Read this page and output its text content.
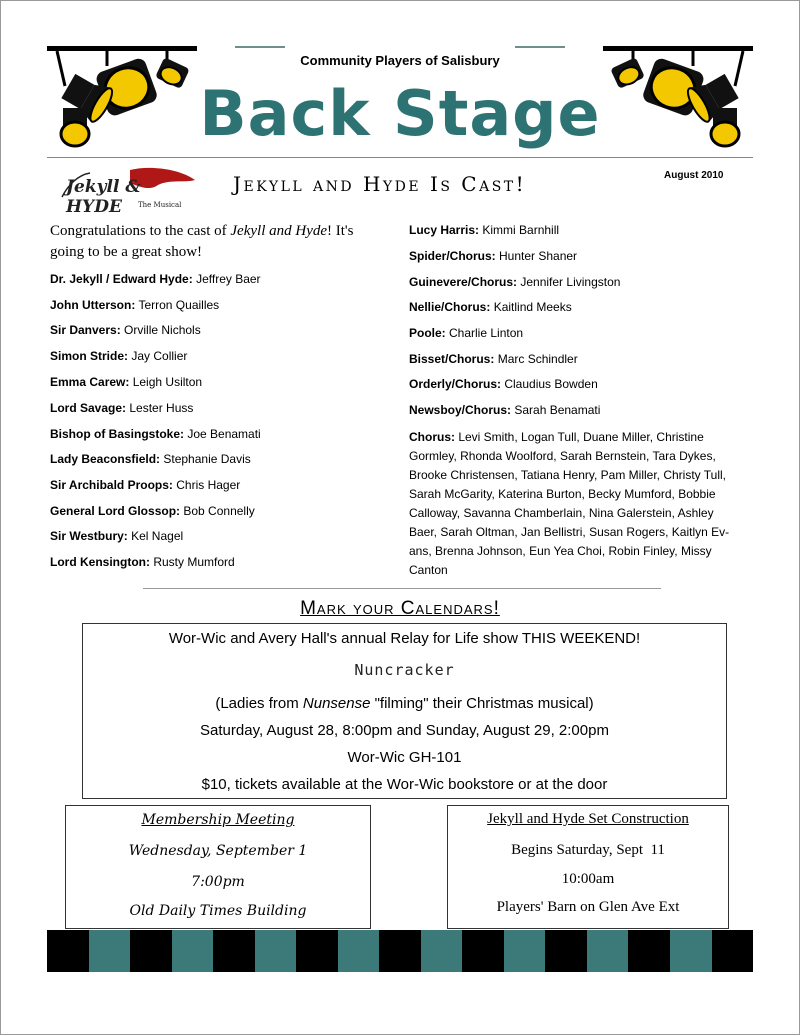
Community Players of Salisbury
Back Stage
August 2010
Jekyll & HYDE	The Musical
Jekyll and Hyde Is Cast!
Congratulations to the cast of Jekyll and Hyde! It's going to be a great show!
Dr. Jekyll / Edward Hyde: Jeffrey Baer
John Utterson: Terron Quailles
Sir Danvers: Orville Nichols
Simon Stride: Jay Collier
Emma Carew: Leigh Usilton
Lord Savage: Lester Huss
Bishop of Basingstoke: Joe Benamati
Lady Beaconsfield: Stephanie Davis
Sir Archibald Proops: Chris Hager
General Lord Glossop: Bob Connelly
Sir Westbury: Kel Nagel
Lord Kensington: Rusty Mumford
Lucy Harris: Kimmi Barnhill
Spider/Chorus: Hunter Shaner
Guinevere/Chorus: Jennifer Livingston
Nellie/Chorus: Kaitlind Meeks
Poole: Charlie Linton
Bisset/Chorus: Marc Schindler
Orderly/Chorus: Claudius Bowden
Newsboy/Chorus: Sarah Benamati
Chorus: Levi Smith, Logan Tull, Duane Miller, Christine Gormley, Rhonda Woolford, Sarah Bernstein, Tara Dykes, Brooke Christensen, Tatiana Henry, Pam Miller, Christy Tull, Sarah McGarity, Katerina Burton, Becky Mumford, Bobbie Calloway, Savanna Chamberlain, Nina Galerstein, Ashley Baer, Sarah Oltman, Jan Bellistri, Susan Rogers, Kaitlyn Ev-ans, Brenna Johnson, Eun Yea Choi, Robin Finley, Missy Canton
Mark your Calendars!
Wor-Wic and Avery Hall's annual Relay for Life show THIS WEEKEND!
Nuncracker
(Ladies from Nunsense "filming" their Christmas musical)
Saturday, August 28, 8:00pm and Sunday, August 29, 2:00pm
Wor-Wic GH-101
$10, tickets available at the Wor-Wic bookstore or at the door
Membership Meeting
Wednesday, September 1
7:00pm
Old Daily Times Building
Jekyll and Hyde Set Construction
Begins Saturday, Sept  11
10:00am
Players' Barn on Glen Ave Ext
